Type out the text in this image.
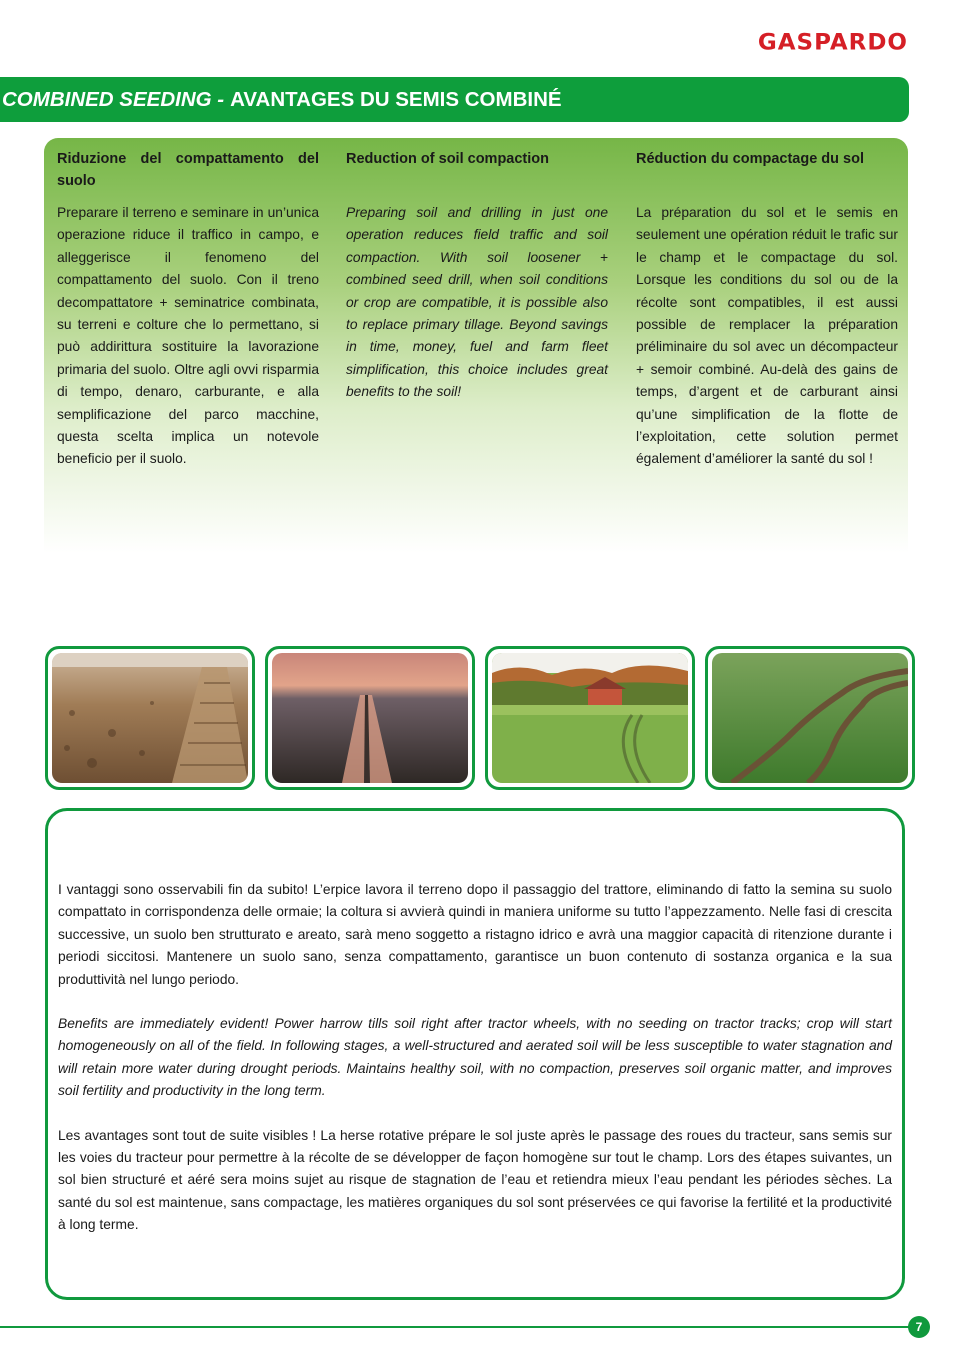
GASPARDO
COMBINED SEEDING - AVANTAGES DU SEMIS COMBINÉ
Riduzione del compattamento del suolo

Preparare il terreno e seminare in un’unica operazione riduce il traffico in campo, e alleggerisce il fenomeno del compattamento del suolo. Con il treno decompattatore + seminatrice combinata, su terreni e colture che lo permettano, si può addirittura sostituire la lavorazione primaria del suolo. Oltre agli ovvi risparmia di tempo, denaro, carburante, e alla semplificazione del parco macchine, questa scelta implica un notevole beneficio per il suolo.

Reduction of soil compaction

Preparing soil and drilling in just one operation reduces field traffic and soil compaction. With soil loosener + combined seed drill, when soil conditions or crop are compatible, it is possible also to replace primary tillage. Beyond savings in time, money, fuel and farm fleet simplification, this choice includes great benefits to the soil!

Réduction du compactage du sol

La préparation du sol et le semis en seulement une opération réduit le trafic sur le champ et le compactage du sol. Lorsque les conditions du sol ou de la récolte sont compatibles, il est aussi possible de remplacer la préparation préliminaire du sol avec un décompacteur + semoir combiné. Au-delà des gains de temps, d’argent et de carburant ainsi qu’une simplification de la flotte de l’exploitation, cette solution permet également d’améliorer la santé du sol !

I vantaggi sono osservabili fin da subito! L’erpice lavora il terreno dopo il passaggio del trattore, eliminando di fatto la semina su suolo compattato in corrispondenza delle ormaie; la coltura si avvierà quindi in maniera uniforme su tutto l’appezzamento. Nelle fasi di crescita successive, un suolo ben strutturato e areato, sarà meno soggetto a ristagno idrico e avrà una maggior capacità di ritenzione durante i periodi siccitosi. Mantenere un suolo sano, senza compattamento, garantisce un buon contenuto di sostanza organica e la sua produttività nel lungo periodo.

Benefits are immediately evident! Power harrow tills soil right after tractor wheels, with no seeding on tractor tracks; crop will start homogeneously on all of the field. In following stages, a well-structured and aerated soil will be less susceptible to water stagnation and will retain more water during drought periods. Maintains healthy soil, with no compaction, preserves soil organic matter, and improves soil fertility and productivity in the long term.

Les avantages sont tout de suite visibles ! La herse rotative prépare le sol juste après le passage des roues du tracteur, sans semis sur les voies du tracteur pour permettre à la récolte de se développer de façon homogène sur tout le champ. Lors des étapes suivantes, un sol bien structuré et aéré sera moins sujet au risque de stagnation de l’eau et retiendra mieux l’eau pendant les périodes sèches. La santé du sol est maintenue, sans compactage, les matières organiques du sol sont préservées ce qui favorise la fertilité et la productivité à long terme.

7
